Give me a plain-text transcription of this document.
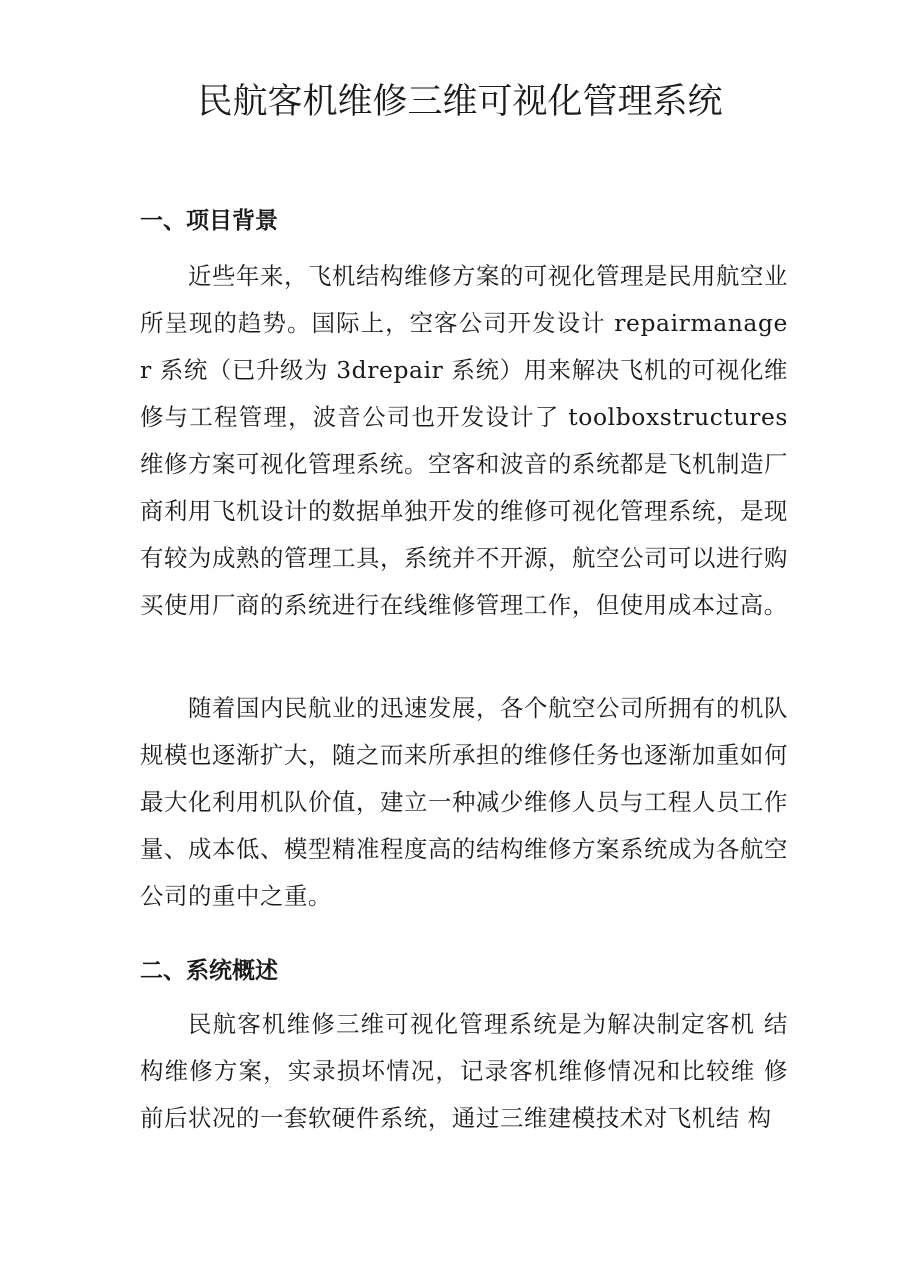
民航客机维修三维可视化管理系统
一、项目背景

近些年来，飞机结构维修方案的可视化管理是民用航空业所呈现的趋势。国际上，空客公司开发设计 repairmanager 系统（已升级为 3drepair 系统）用来解决飞机的可视化维修与工程管理，波音公司也开发设计了 toolboxstructures 维修方案可视化管理系统。空客和波音的系统都是飞机制造厂商利用飞机设计的数据单独开发的维修可视化管理系统，是现有较为成熟的管理工具，系统并不开源，航空公司可以进行购买使用厂商的系统进行在线维修管理工作，但使用成本过高。

随着国内民航业的迅速发展，各个航空公司所拥有的机队规模也逐渐扩大，随之而来所承担的维修任务也逐渐加重如何最大化利用机队价值，建立一种减少维修人员与工程人员工作量、成本低、模型精准程度高的结构维修方案系统成为各航空公司的重中之重。

二、系统概述

民航客机维修三维可视化管理系统是为解决制定客机 结构维修方案，实录损坏情况，记录客机维修情况和比较维 修前后状况的一套软硬件系统，通过三维建模技术对飞机结 构
